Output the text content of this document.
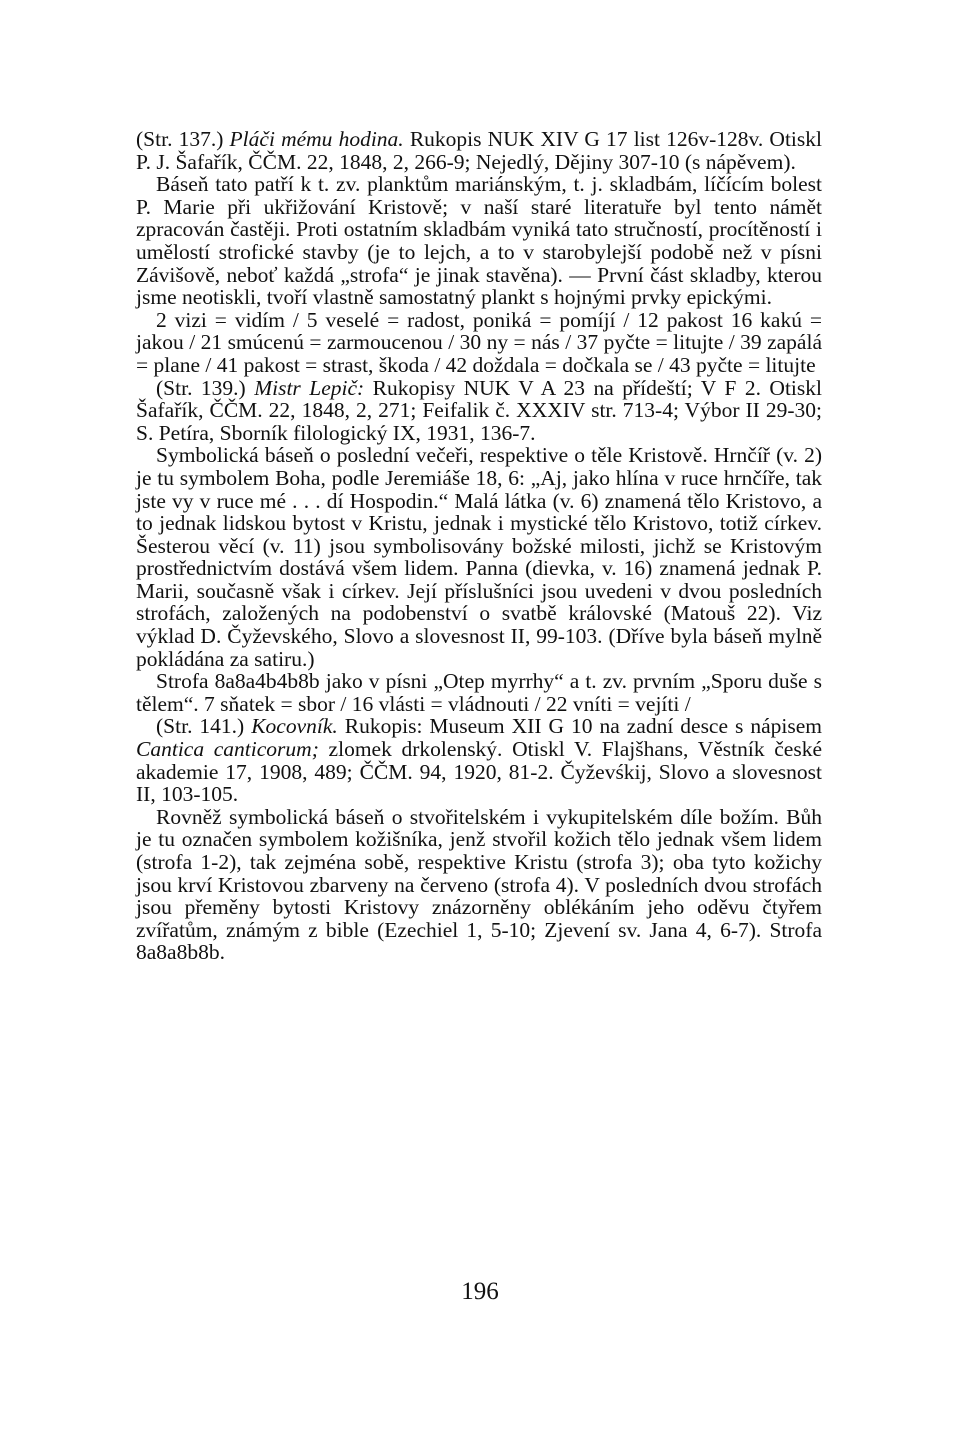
(Str. 137.) Pláči mému hodina. Rukopis NUK XIV G 17 list 126v-128v. Otiskl P. J. Šafařík, ČČM. 22, 1848, 2, 266-9; Nejedlý, Dějiny 307-10 (s nápěvem).

Báseň tato patří k t. zv. planktům mariánským, t. j. skladbám, líčícím bolest P. Marie při ukřižování Kristově; v naší staré literatuře byl tento námět zpracován častěji. Proti ostatním skladbám vyniká tato stručností, procítěností i umělostí strofické stavby (je to lejch, a to v starobylejší podobě než v písni Závišově, neboť každá „strofa“ je jinak stavěna). — První část skladby, kterou jsme neotiskli, tvoří vlastně samostatný plankt s hojnými prvky epickými.

2 vizi = vidím / 5 veselé = radost, poniká = pomíjí / 12 pakost 16 kakú = jakou / 21 smúcenú = zarmoucenou / 30 ny = nás / 37 pyčte = litujte / 39 zapálá = plane / 41 pakost = strast, škoda / 42 doždala = dočkala se / 43 pyčte = litujte

(Str. 139.) Mistr Lepič: Rukopisy NUK V A 23 na přídeští; V F 2. Otiskl Šafařík, ČČM. 22, 1848, 2, 271; Feifalik č. XXXIV str. 713-4; Výbor II 29-30; S. Petíra, Sborník filologický IX, 1931, 136-7.

Symbolická báseň o poslední večeři, respektive o těle Kristově. Hrnčíř (v. 2) je tu symbolem Boha, podle Jeremiáše 18, 6: „Aj, jako hlína v ruce hrnčíře, tak jste vy v ruce mé . . . dí Hospodin.“ Malá látka (v. 6) znamená tělo Kristovo, a to jednak lidskou bytost v Kristu, jednak i mystické tělo Kristovo, totiž církev. Šesterou věcí (v. 11) jsou symbolisovány božské milosti, jichž se Kristovým prostřednictvím dostává všem lidem. Panna (dievka, v. 16) znamená jednak P. Marii, současně však i církev. Její příslušníci jsou uvedeni v dvou posledních strofách, založených na podobenství o svatbě královské (Matouš 22). Viz výklad D. Čyževského, Slovo a slovesnost II, 99-103. (Dříve byla báseň mylně pokládána za satiru.)

Strofa 8a8a4b4b8b jako v písni „Otep myrrhy“ a t. zv. prvním „Sporu duše s tělem“. 7 sňatek = sbor / 16 vlásti = vládnouti / 22 vníti = vejíti /

(Str. 141.) Kocovník. Rukopis: Museum XII G 10 na zadní desce s nápisem Cantica canticorum; zlomek drkolenský. Otiskl V. Flajšhans, Věstník české akademie 17, 1908, 489; ČČM. 94, 1920, 81-2. Čyževśkij, Slovo a slovesnost II, 103-105.

Rovněž symbolická báseň o stvořitelském i vykupitelském díle božím. Bůh je tu označen symbolem kožišníka, jenž stvořil kožich tělo jednak všem lidem (strofa 1-2), tak zejména sobě, respektive Kristu (strofa 3); oba tyto kožichy jsou krví Kristovou zbarveny na červeno (strofa 4). V posledních dvou strofách jsou přeměny bytosti Kristovy znázorněny oblékáním jeho oděvu čtyřem zvířatům, známým z bible (Ezechiel 1, 5-10; Zjevení sv. Jana 4, 6-7). Strofa 8a8a8b8b.

196
